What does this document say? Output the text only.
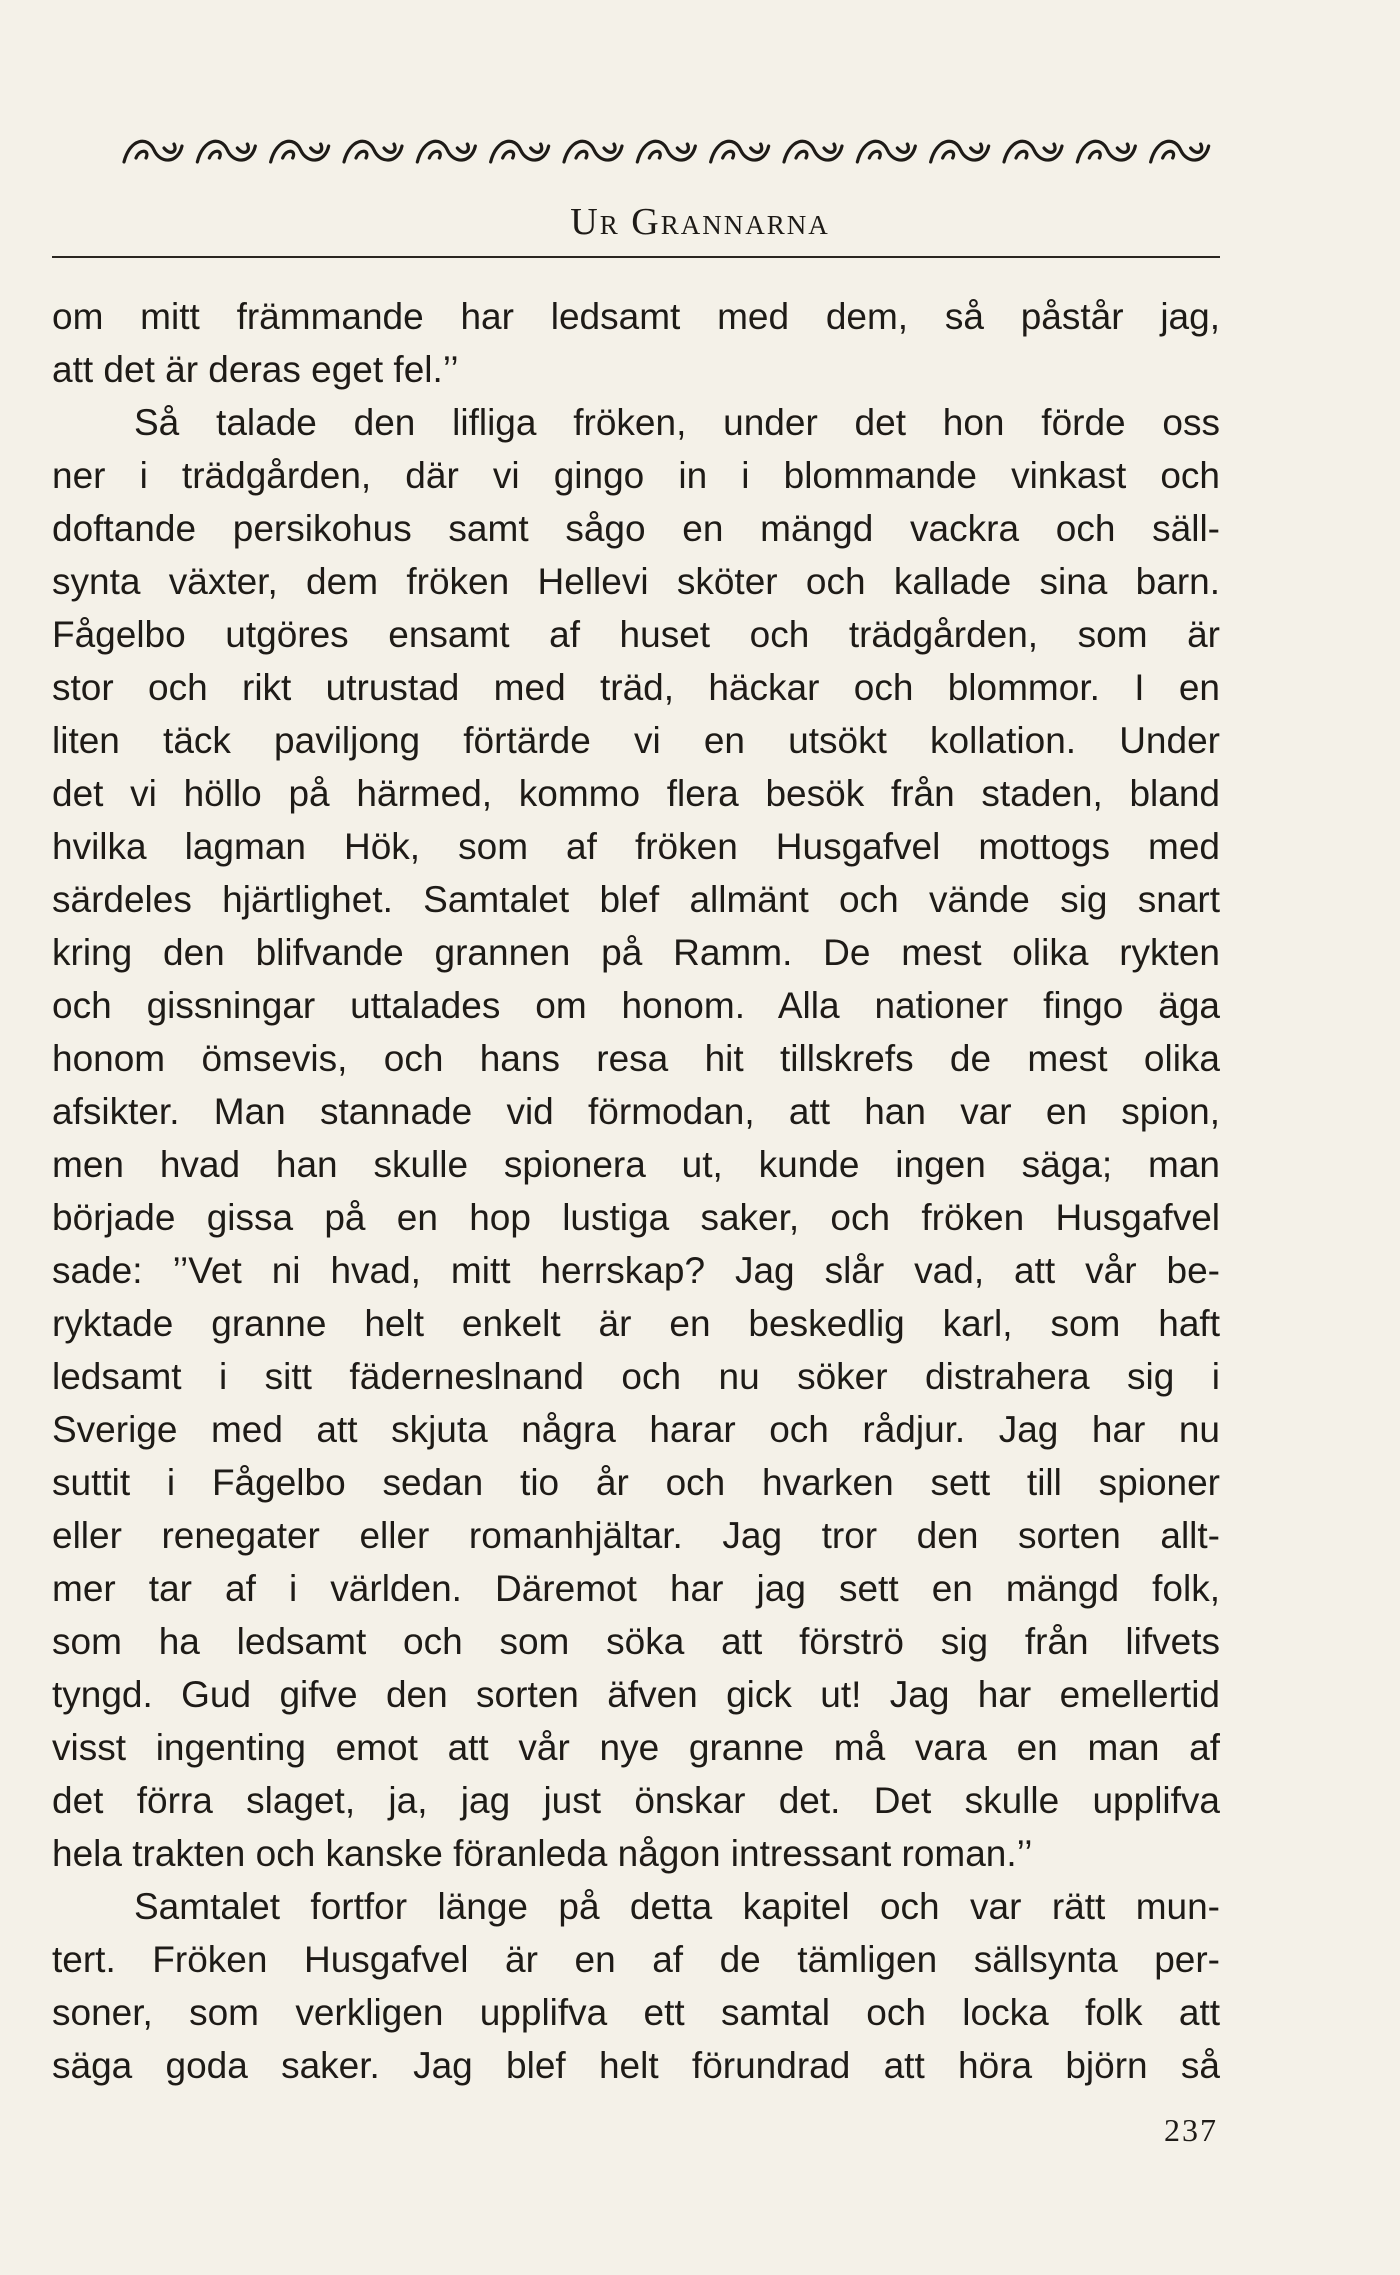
Ur Grannarna
om mitt främmande har ledsamt med dem, så påstår jag,
att det är deras eget fel.’’
Så talade den lifliga fröken, under det hon förde oss
ner i trädgården, där vi gingo in i blommande vinkast och
doftande persikohus samt sågo en mängd vackra och säll-
synta växter, dem fröken Hellevi sköter och kallade sina barn.
Fågelbo utgöres ensamt af huset och trädgården, som är
stor och rikt utrustad med träd, häckar och blommor. I en
liten täck paviljong förtärde vi en utsökt kollation. Under
det vi höllo på härmed, kommo flera besök från staden, bland
hvilka lagman Hök, som af fröken Husgafvel mottogs med
särdeles hjärtlighet. Samtalet blef allmänt och vände sig snart
kring den blifvande grannen på Ramm. De mest olika rykten
och gissningar uttalades om honom. Alla nationer fingo äga
honom ömsevis, och hans resa hit tillskrefs de mest olika
afsikter. Man stannade vid förmodan, att han var en spion,
men hvad han skulle spionera ut, kunde ingen säga; man
började gissa på en hop lustiga saker, och fröken Husgafvel
sade: ’’Vet ni hvad, mitt herrskap? Jag slår vad, att vår be-
ryktade granne helt enkelt är en beskedlig karl, som haft
ledsamt i sitt fäderneslnand och nu söker distrahera sig i
Sverige med att skjuta några harar och rådjur. Jag har nu
suttit i Fågelbo sedan tio år och hvarken sett till spioner
eller renegater eller romanhjältar. Jag tror den sorten allt-
mer tar af i världen. Däremot har jag sett en mängd folk,
som ha ledsamt och som söka att förströ sig från lifvets
tyngd. Gud gifve den sorten äfven gick ut! Jag har emellertid
visst ingenting emot att vår nye granne må vara en man af
det förra slaget, ja, jag just önskar det. Det skulle upplifva
hela trakten och kanske föranleda någon intressant roman.’’
Samtalet fortfor länge på detta kapitel och var rätt mun-
tert. Fröken Husgafvel är en af de tämligen sällsynta per-
soner, som verkligen upplifva ett samtal och locka folk att
säga goda saker. Jag blef helt förundrad att höra björn så
237
